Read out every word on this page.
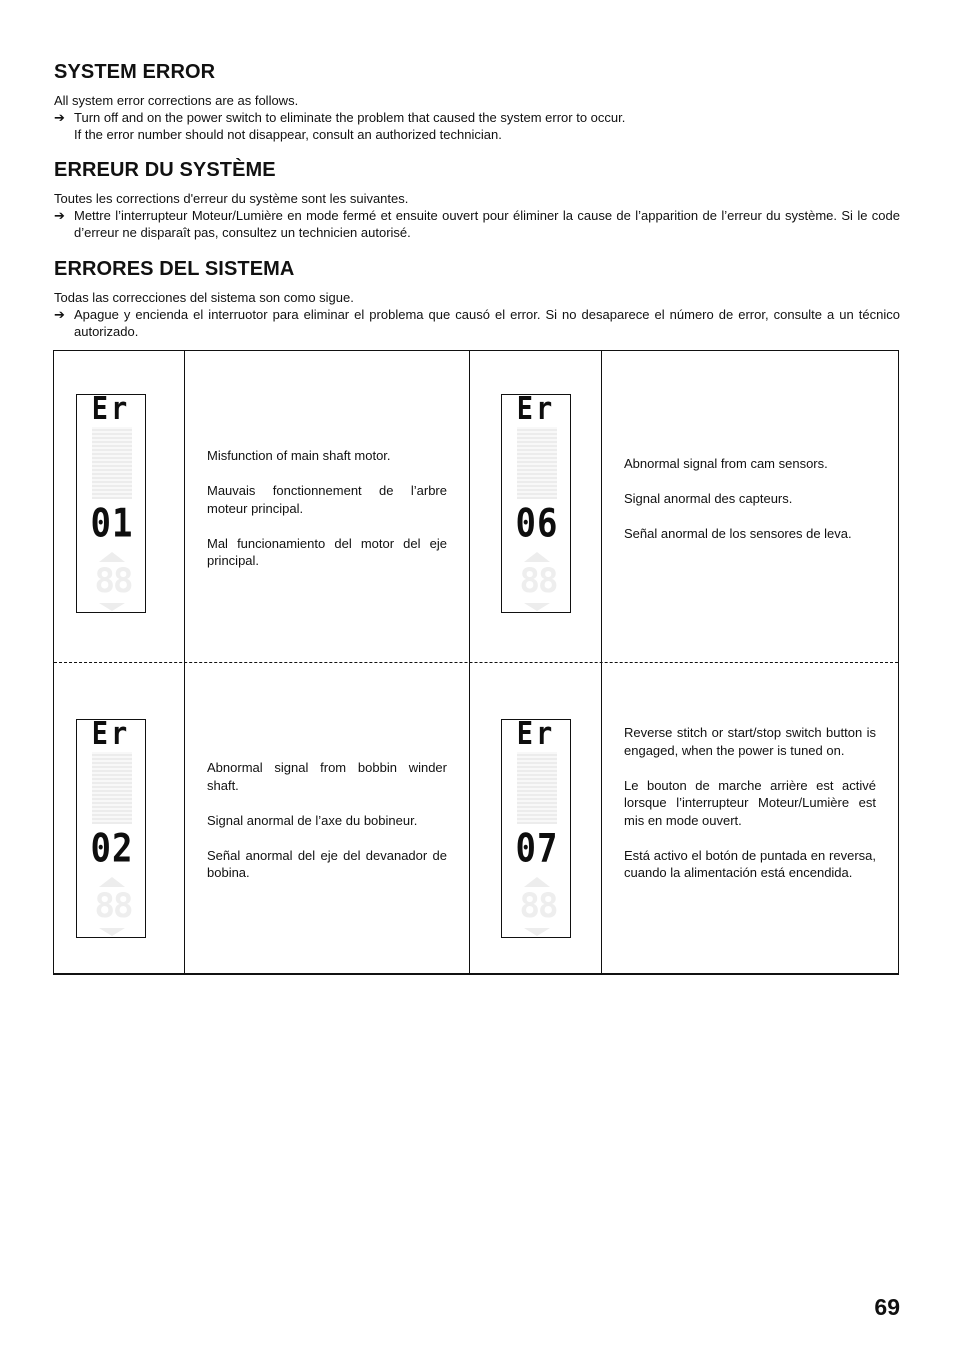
SYSTEM ERROR
All system error corrections are as follows.
➔ Turn off and on the power switch to eliminate the problem that caused the system error to occur.
If the error number should not disappear, consult an authorized technician.
ERREUR DU SYSTÈME
Toutes les corrections d'erreur du système sont les suivantes.
➔ Mettre l’interrupteur Moteur/Lumière en mode fermé et ensuite ouvert pour éliminer la cause de l’apparition de l’erreur du système. Si le code d’erreur ne disparaît pas, consultez un technicien autorisé.
ERRORES DEL SISTEMA
Todas las correcciones del sistema son como sigue.
➔ Apague y encienda el interruotor para eliminar el problema que causó el error. Si no desaparece el número de error, consulte a un técnico autorizado.
Er
01
88

Misfunction of main shaft motor.

Mauvais fonctionnement de l’arbre moteur principal.

Mal funcionamiento del motor del eje principal.

Er
06
88

Abnormal signal from cam sensors.

Signal anormal des capteurs.

Señal anormal de los sensores de leva.

Er
02
88

Abnormal signal from bobbin winder shaft.

Signal anormal de l’axe du bobineur.

Señal anormal del eje del devanador de bobina.

Er
07
88

Reverse stitch or start/stop switch button is engaged, when the power is tuned on.

Le bouton de marche arrière est activé lorsque l’interrupteur Moteur/Lumière est mis en mode ouvert.

Está activo el botón de puntada en reversa, cuando la alimentación está encendida.

69
